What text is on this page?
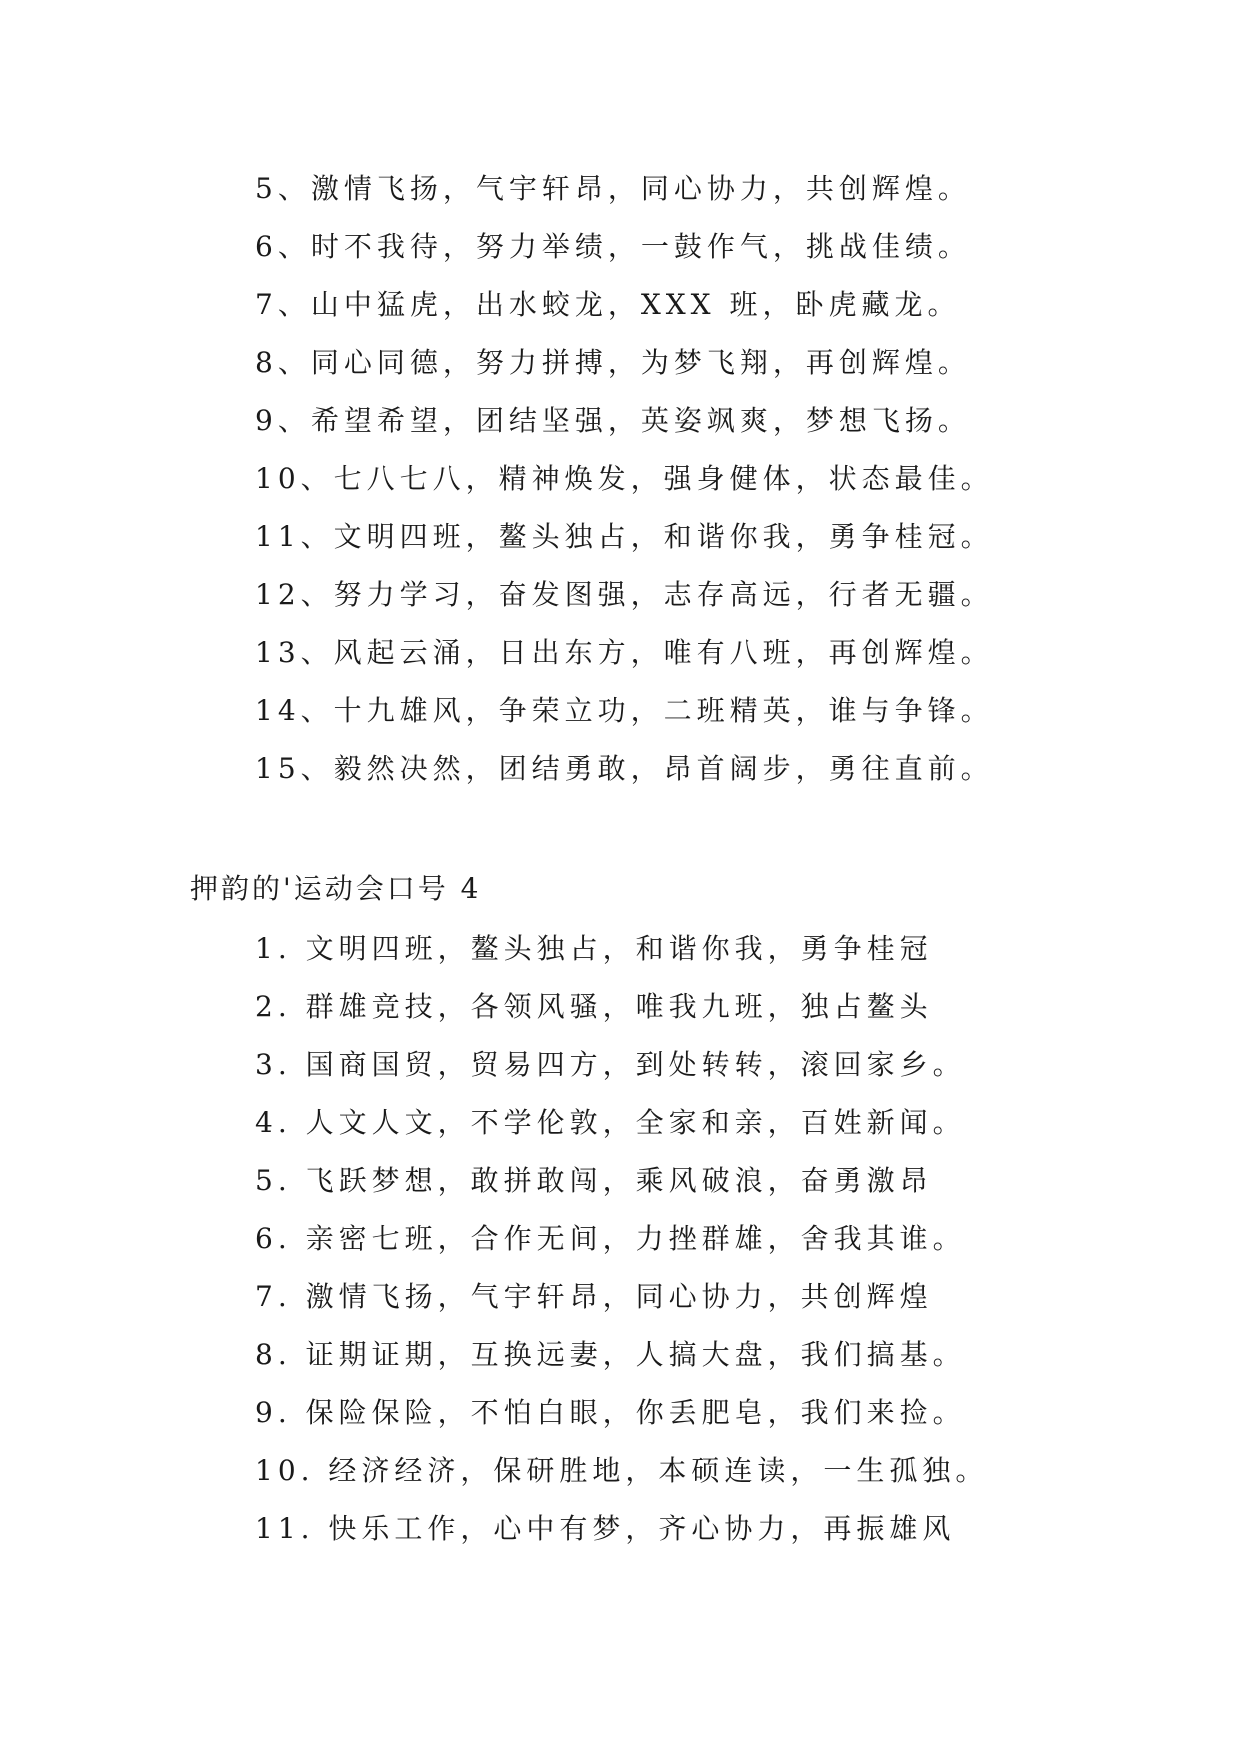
5、激情飞扬，气宇轩昂，同心协力，共创辉煌。
6、时不我待，努力举绩，一鼓作气，挑战佳绩。
7、山中猛虎，出水蛟龙，XXX 班，卧虎藏龙。
8、同心同德，努力拼搏，为梦飞翔，再创辉煌。
9、希望希望，团结坚强，英姿飒爽，梦想飞扬。
10、七八七八，精神焕发，强身健体，状态最佳。
11、文明四班，鳌头独占，和谐你我，勇争桂冠。
12、努力学习，奋发图强，志存高远，行者无疆。
13、风起云涌，日出东方，唯有八班，再创辉煌。
14、十九雄风，争荣立功，二班精英，谁与争锋。
15、毅然决然，团结勇敢，昂首阔步，勇往直前。
押韵的'运动会口号 4
1. 文明四班，鳌头独占，和谐你我，勇争桂冠
2. 群雄竞技，各领风骚，唯我九班，独占鳌头
3. 国商国贸，贸易四方，到处转转，滚回家乡。
4. 人文人文，不学伦敦，全家和亲，百姓新闻。
5. 飞跃梦想，敢拼敢闯，乘风破浪，奋勇激昂
6. 亲密七班，合作无间，力挫群雄，舍我其谁。
7. 激情飞扬，气宇轩昂，同心协力，共创辉煌
8. 证期证期，互换远妻，人搞大盘，我们搞基。
9. 保险保险，不怕白眼，你丢肥皂，我们来捡。
10. 经济经济，保研胜地，本硕连读，一生孤独。
11. 快乐工作，心中有梦，齐心协力，再振雄风
